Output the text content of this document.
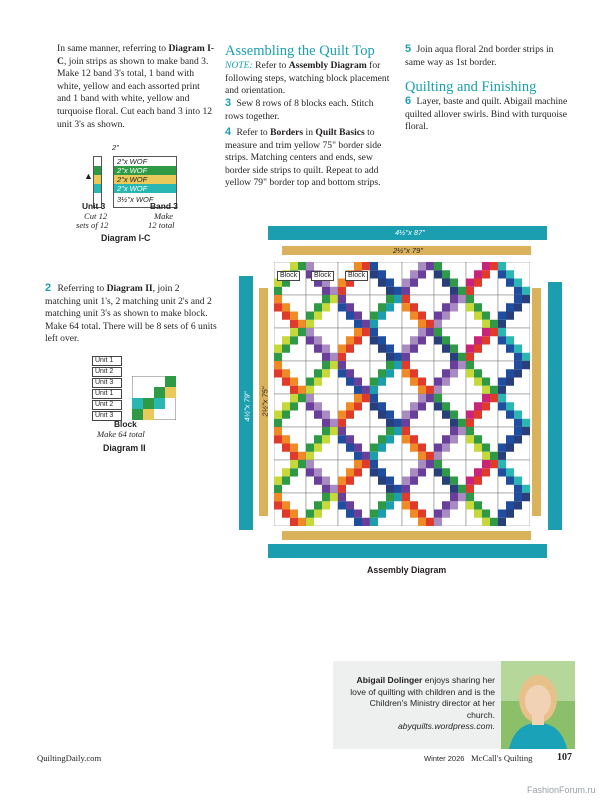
In same manner, referring to Diagram I-C, join strips as shown to make band 3. Make 12 band 3's total, 1 band with white, yellow and each assorted print and 1 band with white, yellow and turquoise floral. Cut each band 3 into 12 unit 3's as shown.
2"
▲
2"x WOF
2"x WOF
2"x WOF
2"x WOF
3½"x WOF
Unit 3
Cut 12
sets of 12
Band 3
Make
12 total
Diagram I-C
2 Referring to Diagram II, join 2 matching unit 1's, 2 matching unit 2's and 2 matching unit 3's as shown to make block. Make 64 total. There will be 8 sets of 6 units left over.
Unit 1
Unit 2
Unit 3
Unit 1
Unit 2
Unit 3
Block
Make 64 total
Diagram II
Assembling the Quilt Top
NOTE: Refer to Assembly Diagram for following steps, watching block placement and orientation.
3 Sew 8 rows of 8 blocks each. Stitch rows together.
4 Refer to Borders in Quilt Basics to measure and trim yellow 75" border side strips. Matching centers and ends, sew border side strips to quilt. Repeat to add yellow 79" border top and bottom strips.
5 Join aqua floral 2nd border strips in same way as 1st border.
Quilting and Finishing
6 Layer, baste and quilt. Abigail machine quilted allover swirls. Bind with turquoise floral.
4½"x 87"
2½"x 79"
4½"x 79" 2½"x 75"
Block	Block	Block
Assembly Diagram
Abigail Dolinger enjoys sharing her love of quilting with children and is the Children's Ministry director at her church.
abyquilts.wordpress.com.
QuiltingDaily.com	Winter 2026 McCall's Quilting 107
FashionForum.ru
